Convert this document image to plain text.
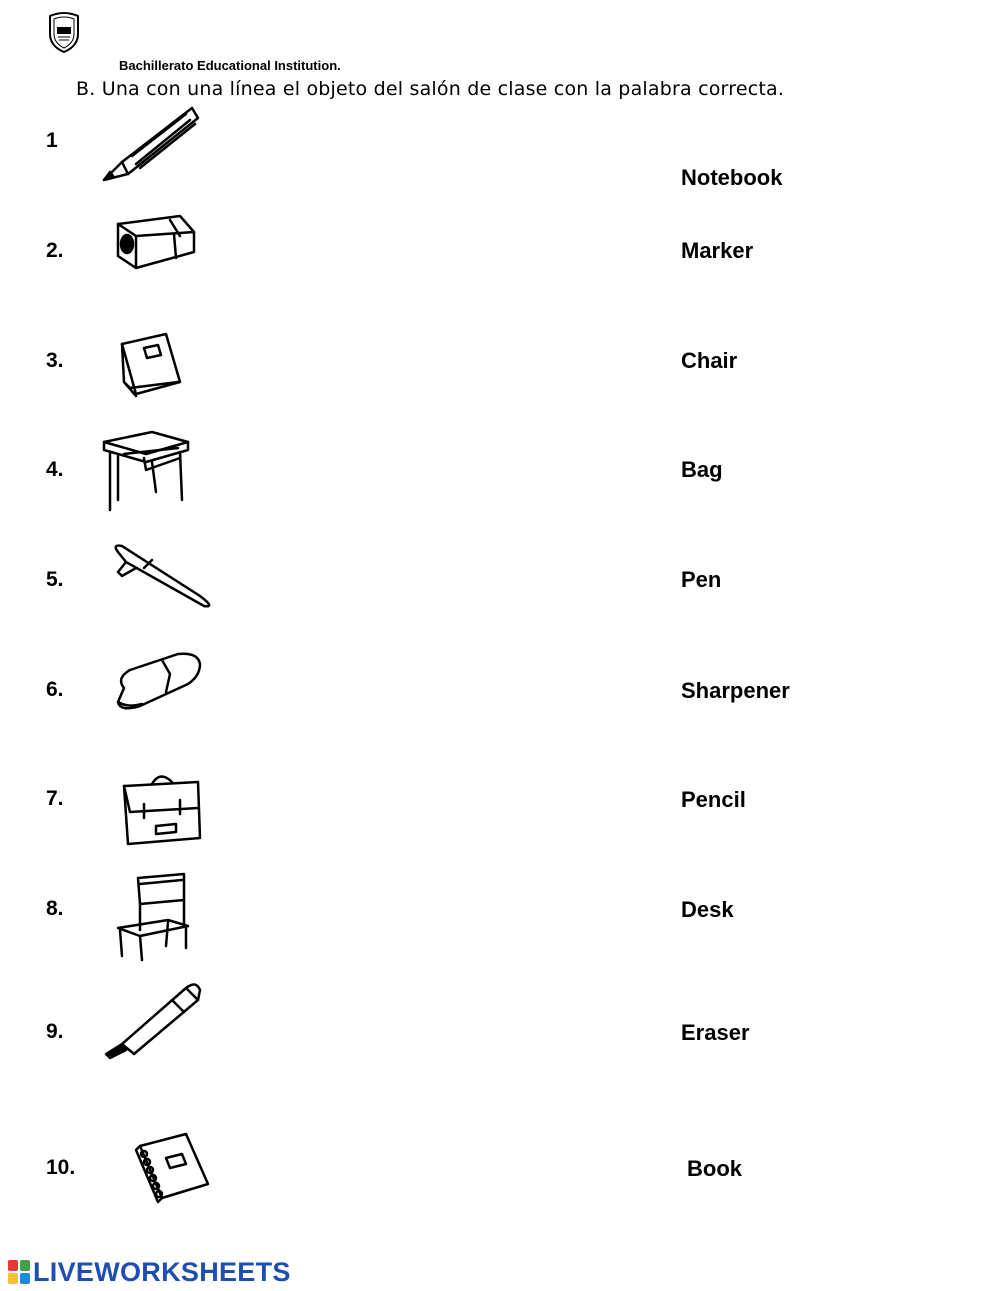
Bachillerato Educational Institution.
B. Una con una línea el objeto del salón de clase con la palabra correcta.
1
2.
3.
4.
5.
6.
7.
8.
9.
10.
Notebook
Marker
Chair
Bag
Pen
Sharpener
Pencil
Desk
Eraser
Book
LIVEWORKSHEETS
